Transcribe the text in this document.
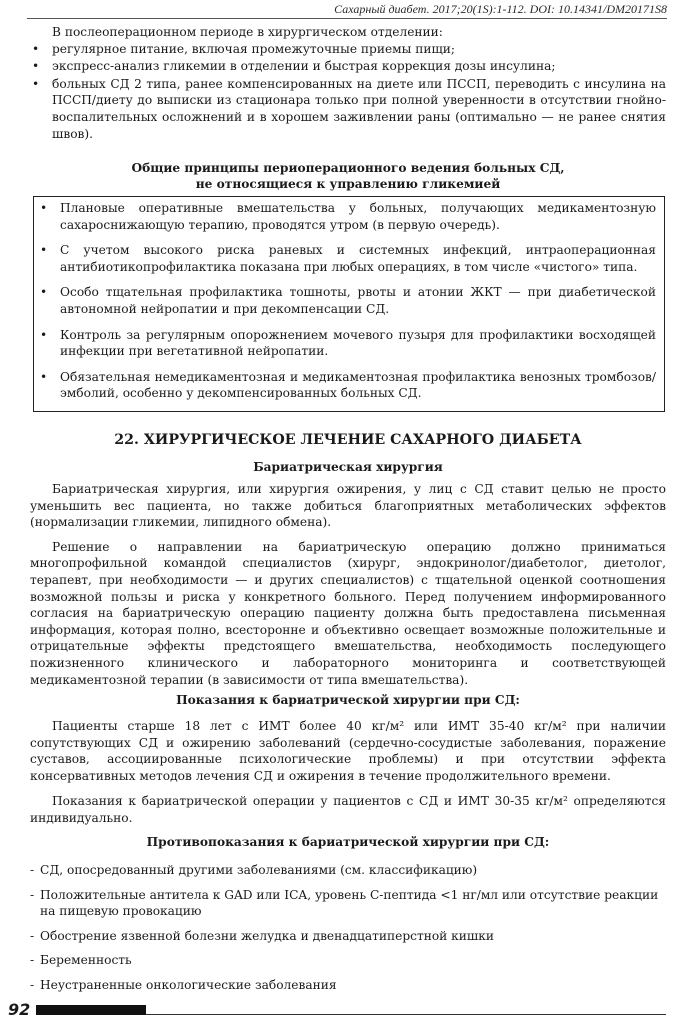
Сахарный диабет. 2017;20(1S):1-112. DOI: 10.14341/DM20171S8

В послеоперационном периоде в хирургическом отделении:

• регулярное питание, включая промежуточные приемы пищи;
• экспресс-анализ гликемии в отделении и быстрая коррекция дозы инсулина;
• больных СД 2 типа, ранее компенсированных на диете или ПССП, переводить с инсулина на ПССП/диету до выписки из стационара только при полной уверенности в отсутствии гнойно-воспалительных осложнений и в хорошем заживлении раны (оптимально — не ранее снятия швов).
Общие принципы периоперационного ведения больных СД,
не относящиеся к управлению гликемией
• Плановые оперативные вмешательства у больных, получающих медикаментозную сахароснижающую терапию, проводятся утром (в первую очередь).
• С учетом высокого риска раневых и системных инфекций, интраоперационная антибиотикопрофилактика показана при любых операциях, в том числе «чистого» типа.
• Особо тщательная профилактика тошноты, рвоты и атонии ЖКТ — при диабетической автономной нейропатии и при декомпенсации СД.
• Контроль за регулярным опорожнением мочевого пузыря для профилактики восходящей инфекции при вегетативной нейропатии.
• Обязательная немедикаментозная и медикаментозная профилактика венозных тромбозов/эмболий, особенно у декомпенсированных больных СД.
22. ХИРУРГИЧЕСКОЕ ЛЕЧЕНИЕ САХАРНОГО ДИАБЕТА
Бариатрическая хирургия

Бариатрическая хирургия, или хирургия ожирения, у лиц с СД ставит целью не просто уменьшить вес пациента, но также добиться благоприятных метаболических эффектов (нормализации гликемии, липидного обмена).

Решение о направлении на бариатрическую операцию должно приниматься многопрофильной командой специалистов (хирург, эндокринолог/диабетолог, диетолог, терапевт, при необходимости — и других специалистов) с тщательной оценкой соотношения возможной пользы и риска у конкретного больного. Перед получением информированного согласия на бариатрическую операцию пациенту должна быть предоставлена письменная информация, которая полно, всесторонне и объективно освещает возможные положительные и отрицательные эффекты предстоящего вмешательства, необходимость последующего пожизненного клинического и лабораторного мониторинга и соответствующей медикаментозной терапии (в зависимости от типа вмешательства).

Показания к бариатрической хирургии при СД:

Пациенты старше 18 лет с ИМТ более 40 кг/м² или ИМТ 35-40 кг/м² при наличии сопутствующих СД и ожирению заболеваний (сердечно-сосудистые заболевания, поражение суставов, ассоциированные психологические проблемы) и при отсутствии эффекта консервативных методов лечения СД и ожирения в течение продолжительного времени.

Показания к бариатрической операции у пациентов с СД и ИМТ 30-35 кг/м² определяются индивидуально.

Противопоказания к бариатрической хирургии при СД:
- СД, опосредованный другими заболеваниями (см. классификацию)
- Положительные антитела к GAD или ICA, уровень С-пептида <1 нг/мл или отсутствие реакции на пищевую провокацию
- Обострение язвенной болезни желудка и двенадцатиперстной кишки
- Беременность
- Неустраненные онкологические заболевания
92
